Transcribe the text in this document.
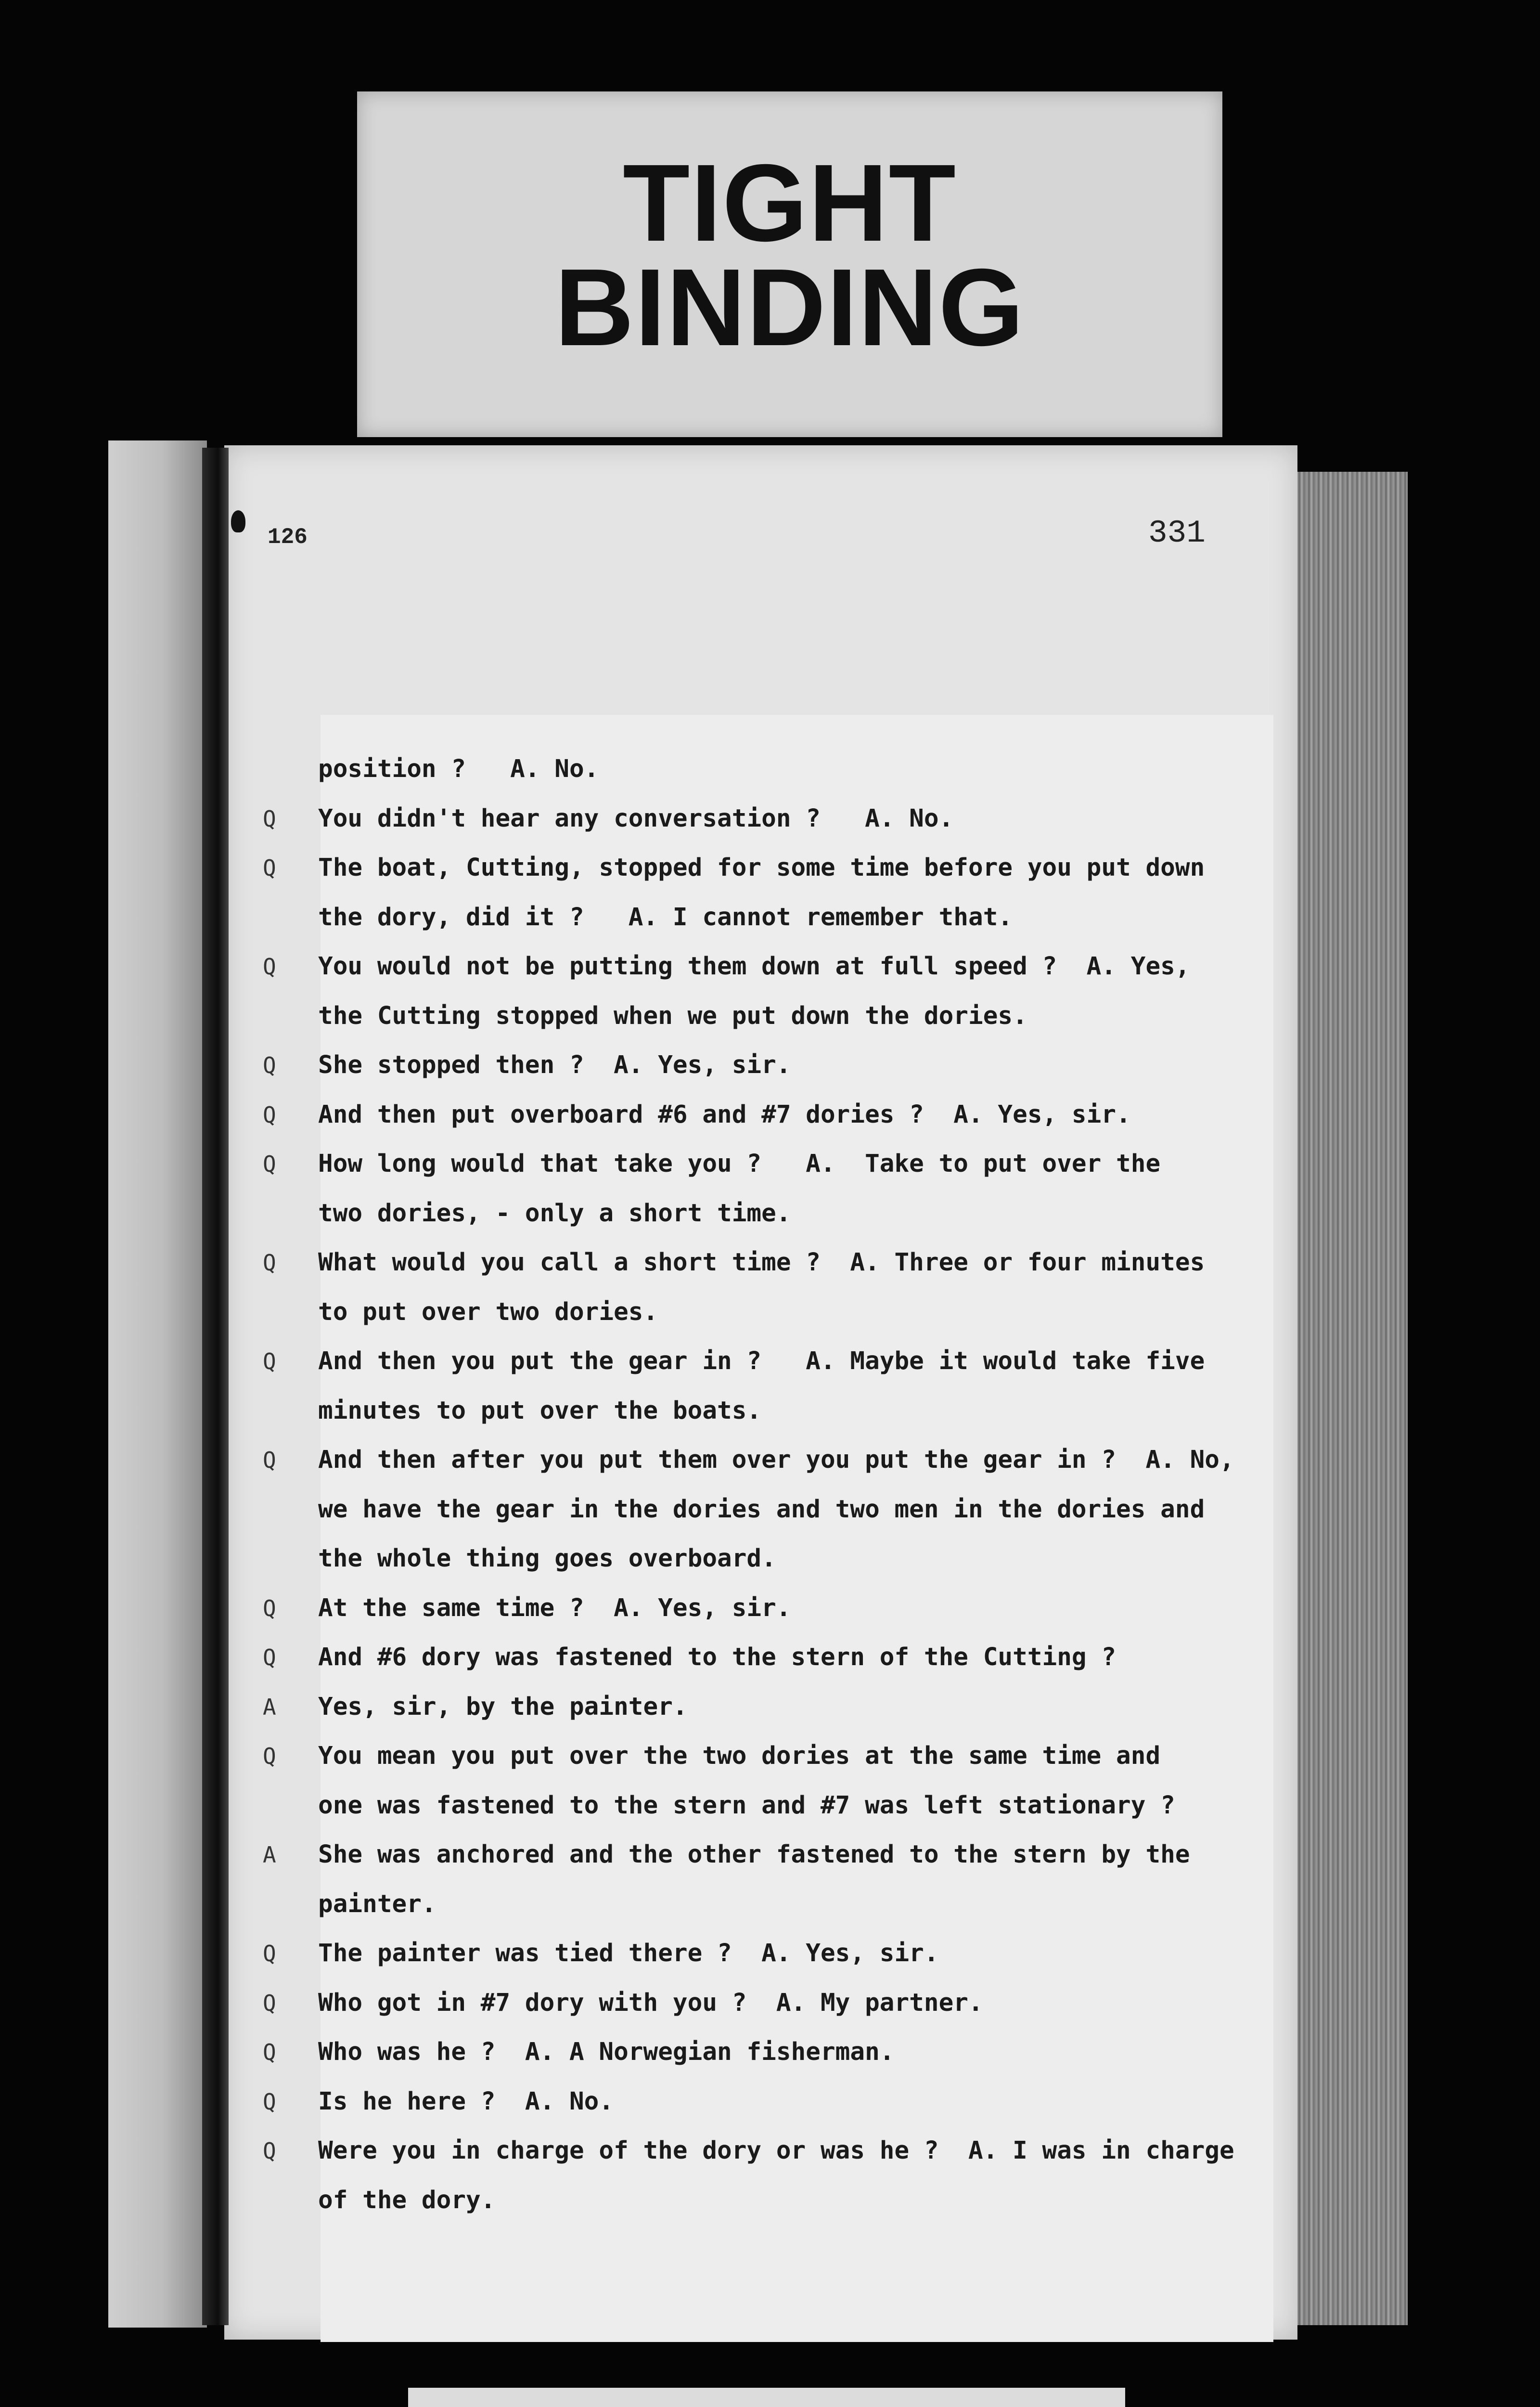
TIGHT
BINDING
126	331
position ?   A. No.
Q You didn't hear any conversation ?   A. No.
Q The boat, Cutting, stopped for some time before you put down
the dory, did it ?   A. I cannot remember that.
Q You would not be putting them down at full speed ?  A. Yes,
the Cutting stopped when we put down the dories.
Q She stopped then ?  A. Yes, sir.
Q And then put overboard #6 and #7 dories ?  A. Yes, sir.
Q How long would that take you ?   A.  Take to put over the
two dories, - only a short time.
Q What would you call a short time ?  A. Three or four minutes
to put over two dories.
Q And then you put the gear in ?   A. Maybe it would take five
minutes to put over the boats.
Q And then after you put them over you put the gear in ?  A. No,
we have the gear in the dories and two men in the dories and
the whole thing goes overboard.
Q At the same time ?  A. Yes, sir.
Q And #6 dory was fastened to the stern of the Cutting ?
A Yes, sir, by the painter.
Q You mean you put over the two dories at the same time and
one was fastened to the stern and #7 was left stationary ?
A She was anchored and the other fastened to the stern by the
painter.
Q The painter was tied there ?  A. Yes, sir.
Q Who got in #7 dory with you ?  A. My partner.
Q Who was he ?  A. A Norwegian fisherman.
Q Is he here ?  A. No.
Q Were you in charge of the dory or was he ?  A. I was in charge
of the dory.
